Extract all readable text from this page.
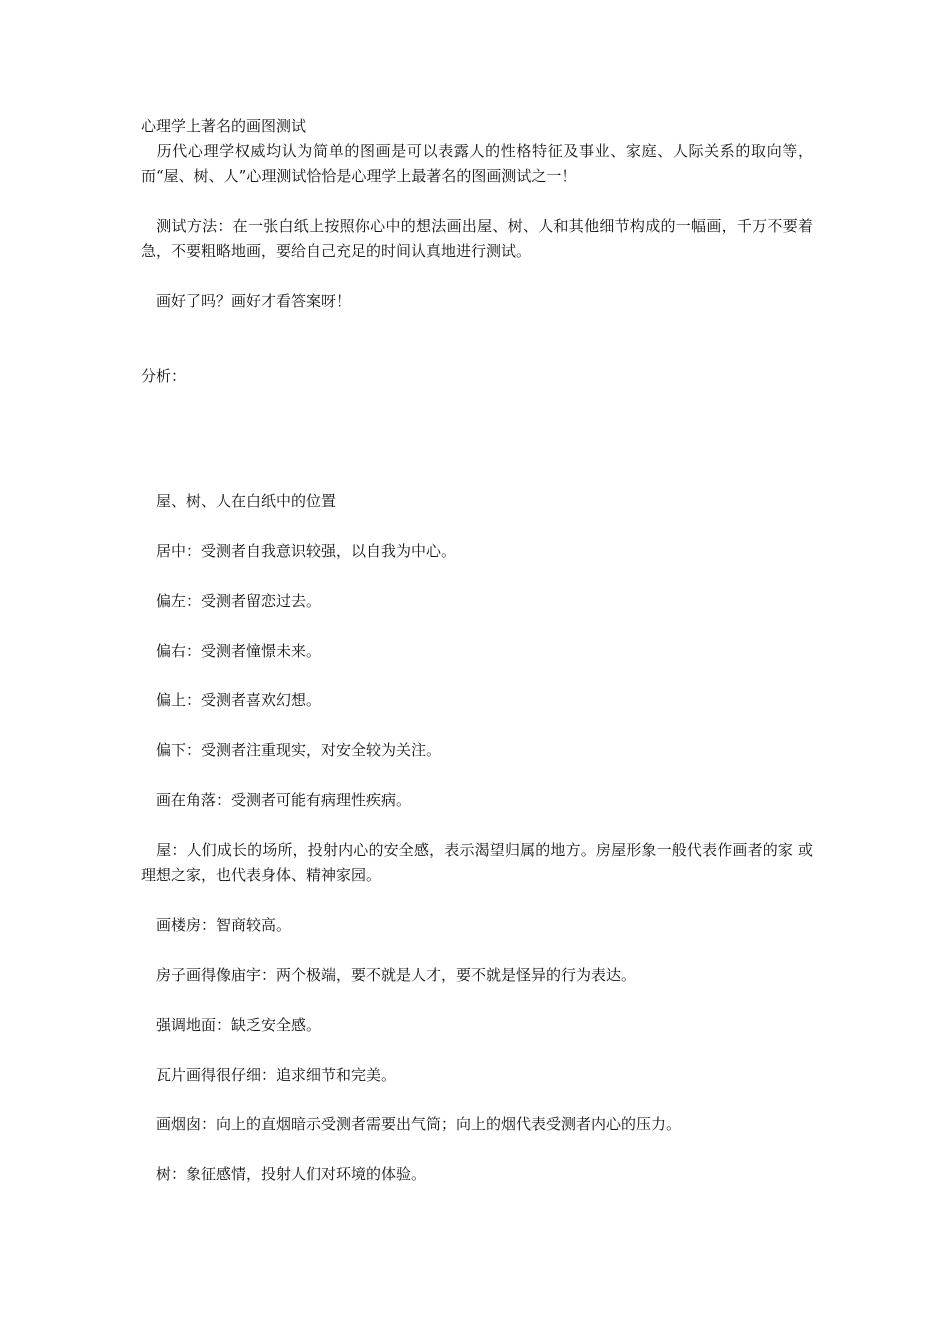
心理学上著名的画图测试
　历代心理学权威均认为简单的图画是可以表露人的性格特征及事业、家庭、人际关系的取向等，而“屋、树、人”心理测试恰恰是心理学上最著名的图画测试之一！
　测试方法：在一张白纸上按照你心中的想法画出屋、树、人和其他细节构成的一幅画，千万不要着急，不要粗略地画，要给自己充足的时间认真地进行测试。
　画好了吗？画好才看答案呀！
分析：
　屋、树、人在白纸中的位置
　居中：受测者自我意识较强，以自我为中心。
　偏左：受测者留恋过去。
　偏右：受测者憧憬未来。
　偏上：受测者喜欢幻想。
　偏下：受测者注重现实，对安全较为关注。
　画在角落：受测者可能有病理性疾病。
　屋：人们成长的场所，投射内心的安全感，表示渴望归属的地方。房屋形象一般代表作画者的家 或理想之家，也代表身体、精神家园。
　画楼房：智商较高。
　房子画得像庙宇：两个极端，要不就是人才，要不就是怪异的行为表达。
　强调地面：缺乏安全感。
　瓦片画得很仔细：追求细节和完美。
　画烟囱：向上的直烟暗示受测者需要出气筒；向上的烟代表受测者内心的压力。
　树：象征感情，投射人们对环境的体验。
